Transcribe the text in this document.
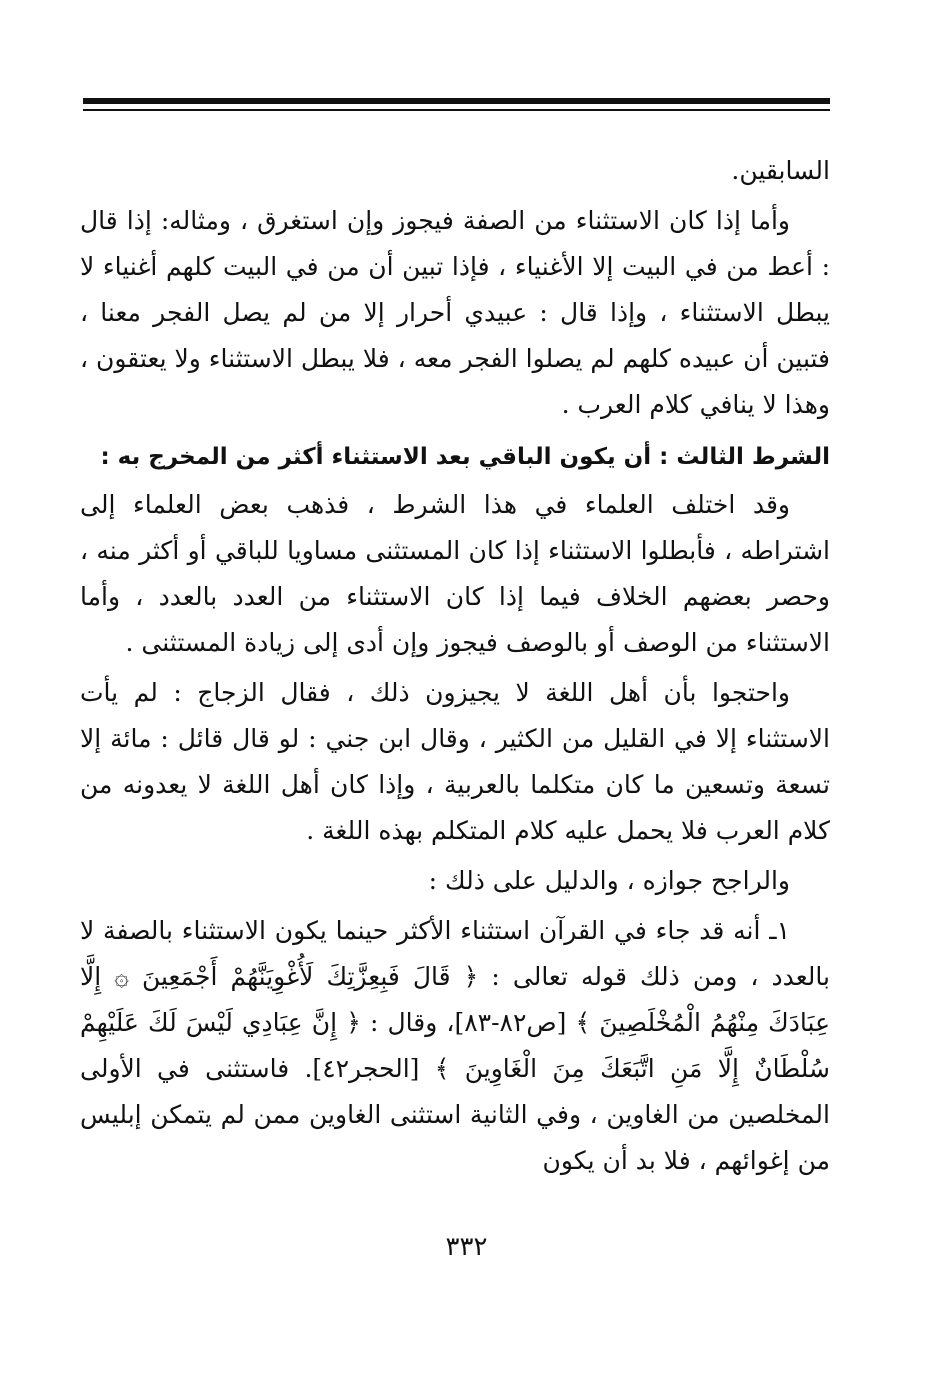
السابقين.

وأما إذا كان الاستثناء من الصفة فيجوز وإن استغرق ، ومثاله: إذا قال : أعط من في البيت إلا الأغنياء ، فإذا تبين أن من في البيت كلهم أغنياء لا يبطل الاستثناء ، وإذا قال : عبيدي أحرار إلا من لم يصل الفجر معنا ، فتبين أن عبيده كلهم لم يصلوا الفجر معه ، فلا يبطل الاستثناء ولا يعتقون ، وهذا لا ينافي كلام العرب .

الشرط الثالث : أن يكون الباقي بعد الاستثناء أكثر من المخرج به :

وقد اختلف العلماء في هذا الشرط ، فذهب بعض العلماء إلى اشتراطه ، فأبطلوا الاستثناء إذا كان المستثنى مساويا للباقي أو أكثر منه ، وحصر بعضهم الخلاف فيما إذا كان الاستثناء من العدد بالعدد ، وأما الاستثناء من الوصف أو بالوصف فيجوز وإن أدى إلى زيادة المستثنى .

واحتجوا بأن أهل اللغة لا يجيزون ذلك ، فقال الزجاج : لم يأت الاستثناء إلا في القليل من الكثير ، وقال ابن جني : لو قال قائل : مائة إلا تسعة وتسعين ما كان متكلما بالعربية ، وإذا كان أهل اللغة لا يعدونه من كلام العرب فلا يحمل عليه كلام المتكلم بهذه اللغة .

والراجح جوازه ، والدليل على ذلك :

١ـ أنه قد جاء في القرآن استثناء الأكثر حينما يكون الاستثناء بالصفة لا بالعدد ، ومن ذلك قوله تعالى : ﴿ قَالَ فَبِعِزَّتِكَ لَأُغْوِيَنَّهُمْ أَجْمَعِينَ ۞ إِلَّا عِبَادَكَ مِنْهُمُ الْمُخْلَصِينَ ﴾ [ص٨٢-٨٣]، وقال : ﴿ إِنَّ عِبَادِي لَيْسَ لَكَ عَلَيْهِمْ سُلْطَانٌ إِلَّا مَنِ اتَّبَعَكَ مِنَ الْغَاوِينَ ﴾ [الحجر٤٢]. فاستثنى في الأولى المخلصين من الغاوين ، وفي الثانية استثنى الغاوين ممن لم يتمكن إبليس من إغوائهم ، فلا بد أن يكون

٣٣٢
